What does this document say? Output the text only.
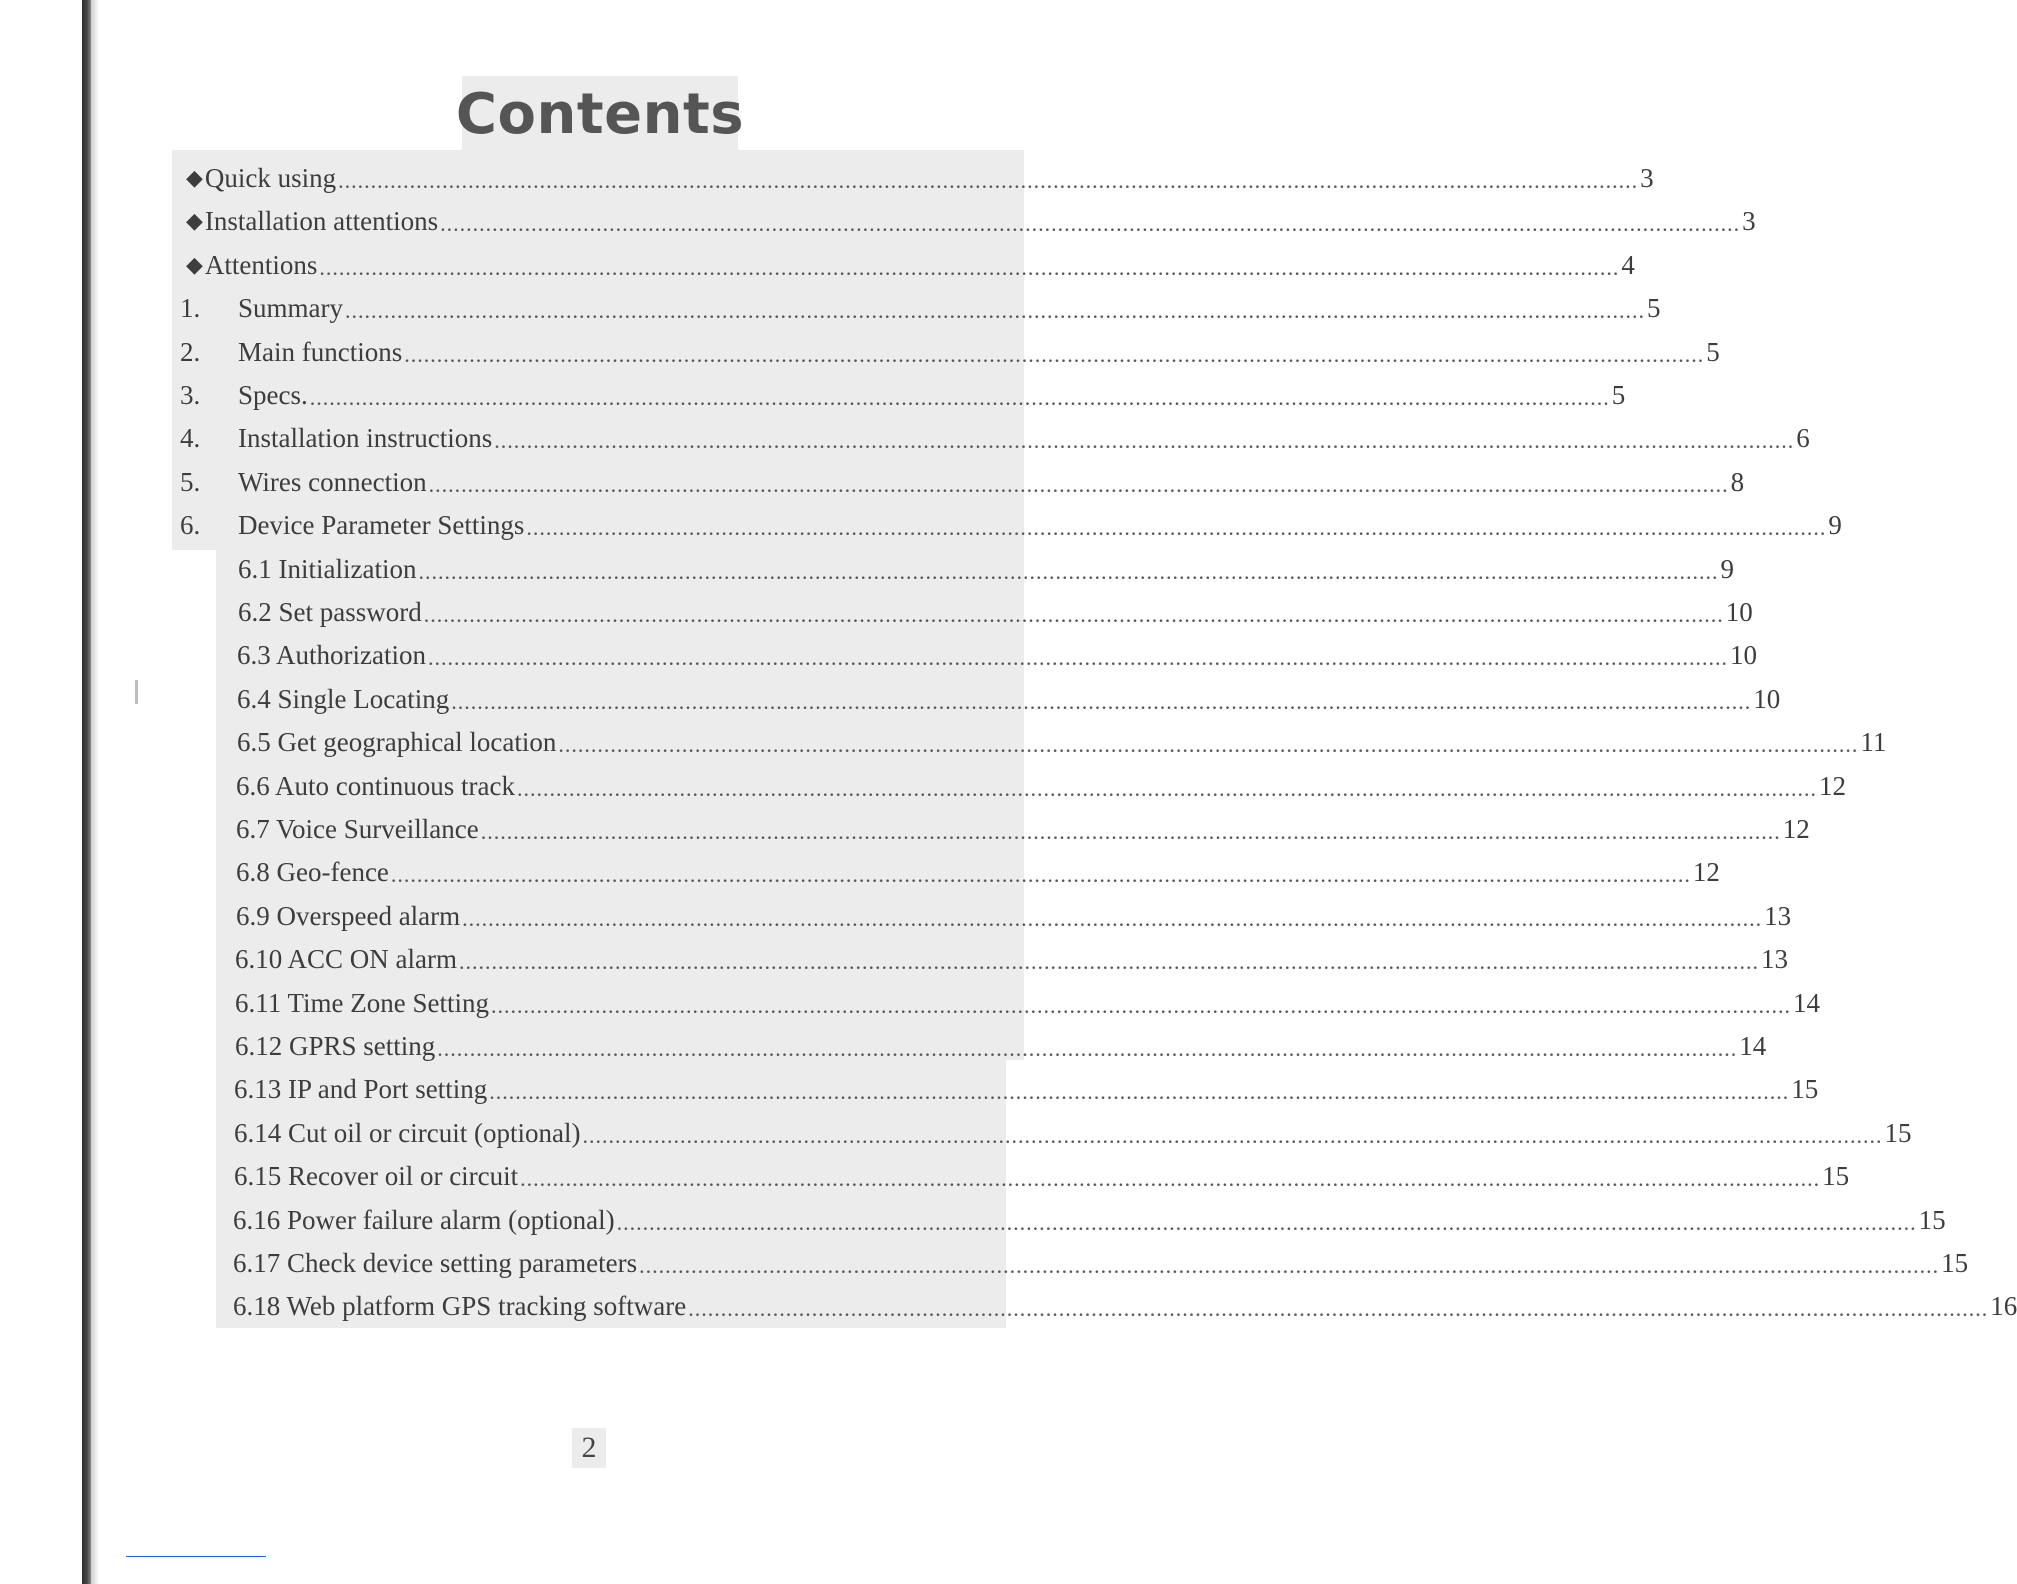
Contents
◆ Quick using ........................................................................................................................................................................................................ 3
◆ Installation attentions ........................................................................................................................................................................................................ 3
◆ Attentions ........................................................................................................................................................................................................ 4
1.	Summary ........................................................................................................................................................................................................ 5
2.	Main functions ........................................................................................................................................................................................................ 5
3.	Specs. ........................................................................................................................................................................................................ 5
4.	Installation instructions ........................................................................................................................................................................................................ 6
5.	Wires connection ........................................................................................................................................................................................................ 8
6.	Device Parameter Settings ........................................................................................................................................................................................................ 9
6.1 Initialization ........................................................................................................................................................................................................ 9
6.2 Set password ........................................................................................................................................................................................................ 10
6.3 Authorization ........................................................................................................................................................................................................ 10
6.4 Single Locating ........................................................................................................................................................................................................ 10
6.5 Get geographical location ........................................................................................................................................................................................................ 11
6.6 Auto continuous track ........................................................................................................................................................................................................ 12
6.7 Voice Surveillance ........................................................................................................................................................................................................ 12
6.8 Geo-fence ........................................................................................................................................................................................................ 12
6.9 Overspeed alarm ........................................................................................................................................................................................................ 13
6.10 ACC ON alarm ........................................................................................................................................................................................................ 13
6.11 Time Zone Setting ........................................................................................................................................................................................................ 14
6.12 GPRS setting ........................................................................................................................................................................................................ 14
6.13 IP and Port setting ........................................................................................................................................................................................................ 15
6.14 Cut oil or circuit (optional) ........................................................................................................................................................................................................ 15
6.15 Recover oil or circuit ........................................................................................................................................................................................................ 15
6.16 Power failure alarm (optional) ........................................................................................................................................................................................................ 15
6.17 Check device setting parameters ........................................................................................................................................................................................................ 15
6.18 Web platform GPS tracking software ........................................................................................................................................................................................................ 16
2
